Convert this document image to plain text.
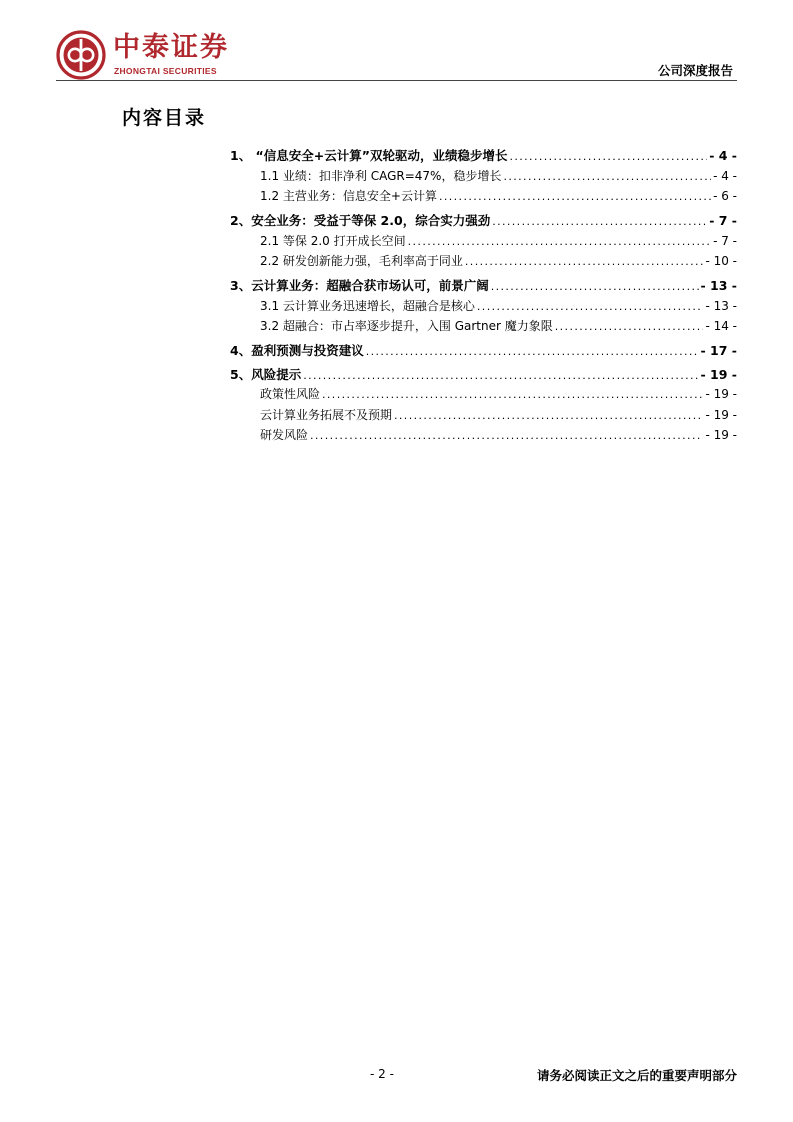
中泰证券
ZHONGTAI SECURITIES	公司深度报告
内容目录
1、 “信息安全+云计算”双轮驱动，业绩稳步增长 .....	- 4 -
1.1 业绩：扣非净利 CAGR=47%，稳步增长 .....	- 4 -
1.2 主营业务：信息安全+云计算 .....	- 6 -
2、安全业务：受益于等保 2.0，综合实力强劲 .....	- 7 -
2.1 等保 2.0 打开成长空间 .....	- 7 -
2.2 研发创新能力强，毛利率高于同业 .....	- 10 -
3、云计算业务：超融合获市场认可，前景广阔 .....	- 13 -
3.1 云计算业务迅速增长，超融合是核心 .....	- 13 -
3.2 超融合：市占率逐步提升，入围 Gartner 魔力象限 .....	- 14 -
4、盈利预测与投资建议 .....	- 17 -
5、风险提示 .....	- 19 -
政策性风险 .....	- 19 -
云计算业务拓展不及预期 .....	- 19 -
研发风险 .....	- 19 -
- 2 -	请务必阅读正文之后的重要声明部分
